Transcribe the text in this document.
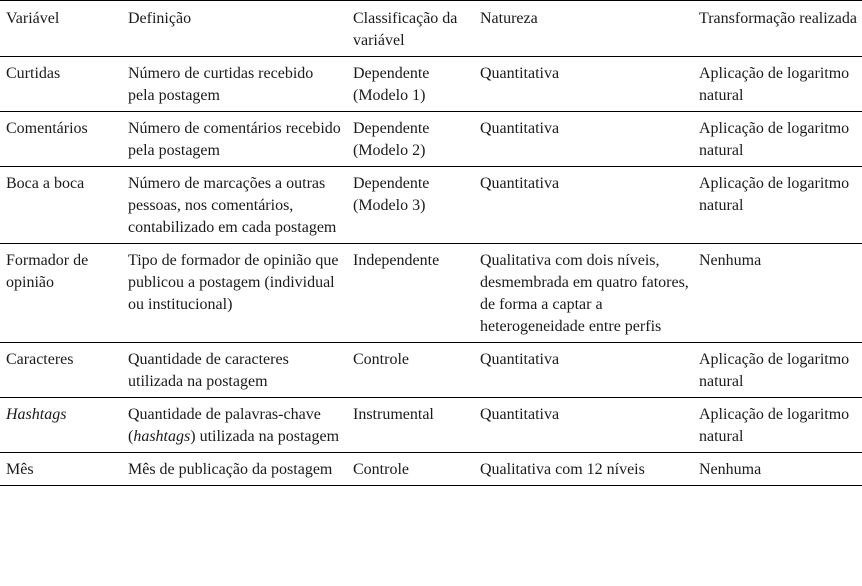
Variável	Definição	Classificação da variável	Natureza	Transformação realizada
Curtidas	Número de curtidas recebido pela postagem	Dependente (Modelo 1)	Quantitativa	Aplicação de logaritmo natural
Comentários	Número de comentários recebido pela postagem	Dependente (Modelo 2)	Quantitativa	Aplicação de logaritmo natural
Boca a boca	Número de marcações a outras pessoas, nos comentários, contabilizado em cada postagem	Dependente (Modelo 3)	Quantitativa	Aplicação de logaritmo natural
Formador de opinião	Tipo de formador de opinião que publicou a postagem (individual ou institucional)	Independente	Qualitativa com dois níveis, desmembrada em quatro fatores, de forma a captar a heterogeneidade entre perfis	Nenhuma
Caracteres	Quantidade de caracteres utilizada na postagem	Controle	Quantitativa	Aplicação de logaritmo natural
Hashtags	Quantidade de palavras-chave (hashtags) utilizada na postagem	Instrumental	Quantitativa	Aplicação de logaritmo natural
Mês	Mês de publicação da postagem	Controle	Qualitativa com 12 níveis	Nenhuma
